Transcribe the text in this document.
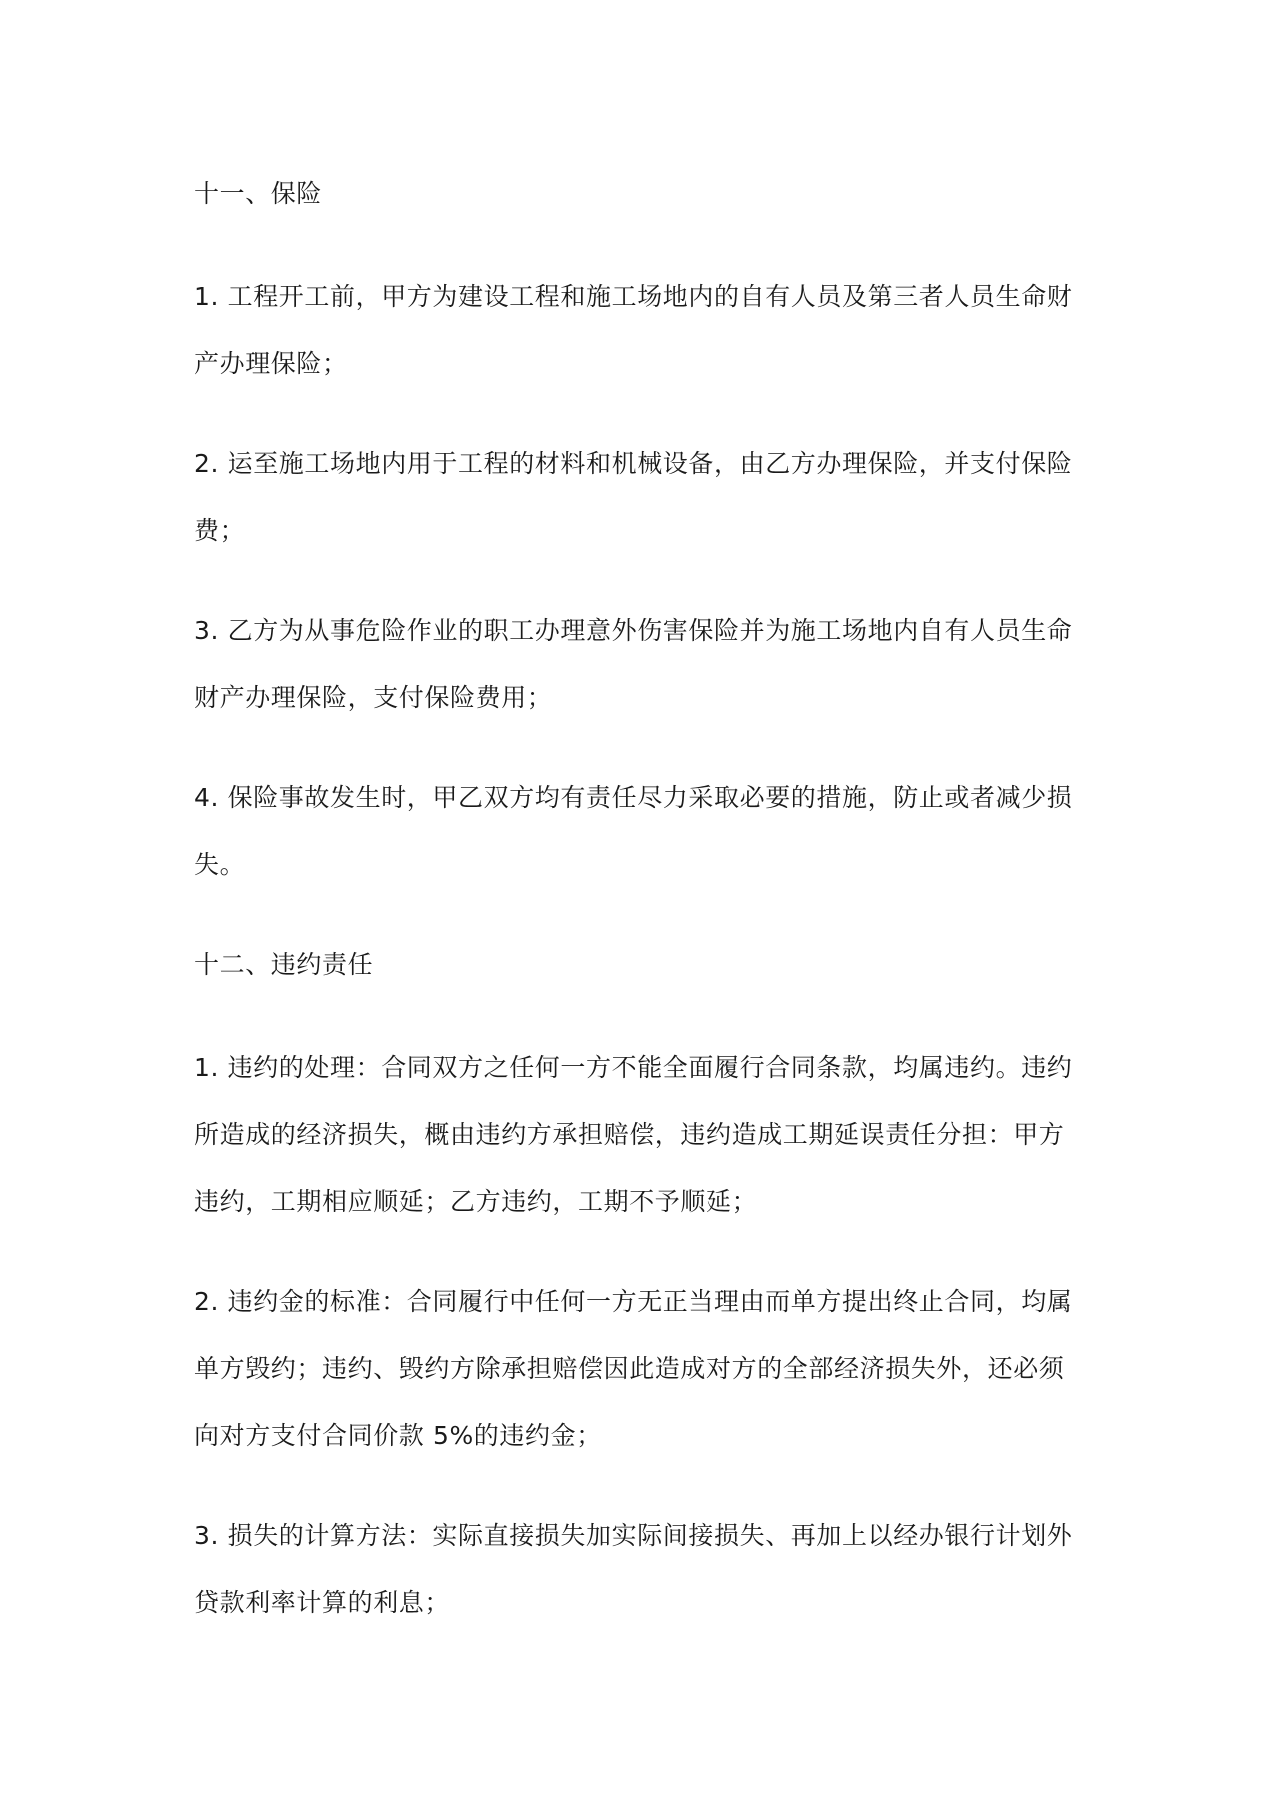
十一、保险
1. 工程开工前，甲方为建设工程和施工场地内的自有人员及第三者人员生命财
产办理保险；
2. 运至施工场地内用于工程的材料和机械设备，由乙方办理保险，并支付保险
费；
3. 乙方为从事危险作业的职工办理意外伤害保险并为施工场地内自有人员生命
财产办理保险，支付保险费用；
4. 保险事故发生时，甲乙双方均有责任尽力采取必要的措施，防止或者减少损
失。
十二、违约责任
1. 违约的处理：合同双方之任何一方不能全面履行合同条款，均属违约。违约
所造成的经济损失，概由违约方承担赔偿，违约造成工期延误责任分担：甲方
违约，工期相应顺延；乙方违约，工期不予顺延；
2. 违约金的标准：合同履行中任何一方无正当理由而单方提出终止合同，均属
单方毁约；违约、毁约方除承担赔偿因此造成对方的全部经济损失外，还必须
向对方支付合同价款 5%的违约金；
3. 损失的计算方法：实际直接损失加实际间接损失、再加上以经办银行计划外
贷款利率计算的利息；
